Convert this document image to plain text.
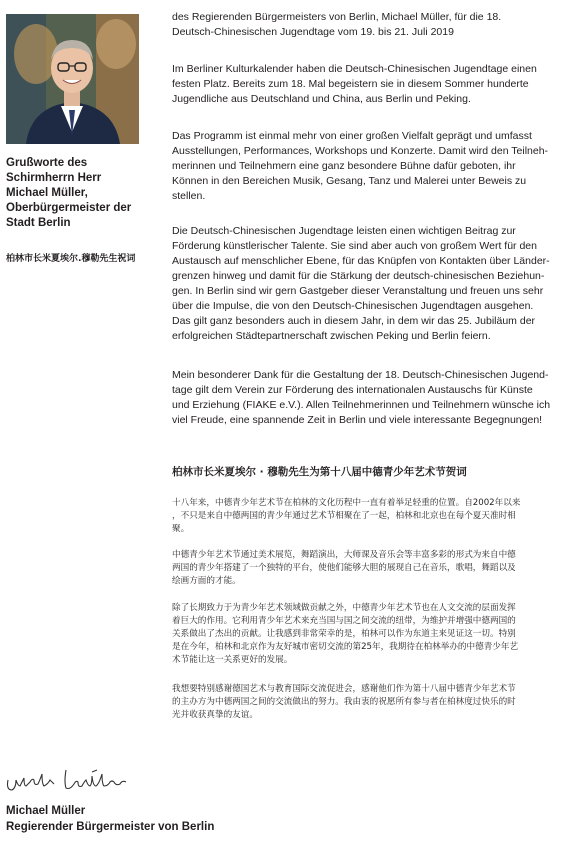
Grußworte des
Schirmherrn Herr
Michael Müller,
Oberbürgermeister der
Stadt Berlin
柏林市长米夏埃尔.穆勒先生祝词
des Regierenden Bürgermeisters von Berlin, Michael Müller, für die 18.
Deutsch-Chinesischen Jugendtage vom 19. bis 21. Juli 2019
Im Berliner Kulturkalender haben die Deutsch-Chinesischen Jugendtage einen
festen Platz. Bereits zum 18. Mal begeistern sie in diesem Sommer hunderte
Jugendliche aus Deutschland und China, aus Berlin und Peking.
Das Programm ist einmal mehr von einer großen Vielfalt geprägt und umfasst
Ausstellungen, Performances, Workshops und Konzerte. Damit wird den Teilneh-
merinnen und Teilnehmern eine ganz besondere Bühne dafür geboten, ihr
Können in den Bereichen Musik, Gesang, Tanz und Malerei unter Beweis zu
stellen.
Die Deutsch-Chinesischen Jugendtage leisten einen wichtigen Beitrag zur
Förderung künstlerischer Talente. Sie sind aber auch von großem Wert für den
Austausch auf menschlicher Ebene, für das Knüpfen von Kontakten über Länder-
grenzen hinweg und damit für die Stärkung der deutsch-chinesischen Beziehun-
gen. In Berlin sind wir gern Gastgeber dieser Veranstaltung und freuen uns sehr
über die Impulse, die von den Deutsch-Chinesischen Jugendtagen ausgehen.
Das gilt ganz besonders auch in diesem Jahr, in dem wir das 25. Jubiläum der
erfolgreichen Städtepartnerschaft zwischen Peking und Berlin feiern.
Mein besonderer Dank für die Gestaltung der 18. Deutsch-Chinesischen Jugend-
tage gilt dem Verein zur Förderung des internationalen Austauschs für Künste
und Erziehung (FIAKE e.V.). Allen Teilnehmerinnen und Teilnehmern wünsche ich
viel Freude, eine spannende Zeit in Berlin und viele interessante Begegnungen!
柏林市长米夏埃尔 · 穆勒先生为第十八届中德青少年艺术节贺词
十八年来，中德青少年艺术节在柏林的文化历程中一直有着举足轻重的位置。自2002年以来
，不只是来自中德两国的青少年通过艺术节相聚在了一起，柏林和北京也在每个夏天准时相
聚。
中德青少年艺术节通过美术展览，舞蹈演出，大师课及音乐会等丰富多彩的形式为来自中德
两国的青少年搭建了一个独特的平台，使他们能够大胆的展现自己在音乐，歌唱，舞蹈以及
绘画方面的才能。
除了长期致力于为青少年艺术领域做贡献之外，中德青少年艺术节也在人文交流的层面发挥
着巨大的作用。它利用青少年艺术来充当国与国之间交流的纽带，为维护并增强中德两国的
关系做出了杰出的贡献。让我感到非常荣幸的是，柏林可以作为东道主来见证这一切。特别
是在今年，柏林和北京作为友好城市密切交流的第25年，我期待在柏林举办的中德青少年艺
术节能让这一关系更好的发展。
我想要特别感谢德国艺术与教育国际交流促进会，感谢他们作为第十八届中德青少年艺术节
的主办方为中德两国之间的交流做出的努力。我由衷的祝愿所有参与者在柏林度过快乐的时
光并收获真挚的友谊。
Michael Müller
Regierender Bürgermeister von Berlin
